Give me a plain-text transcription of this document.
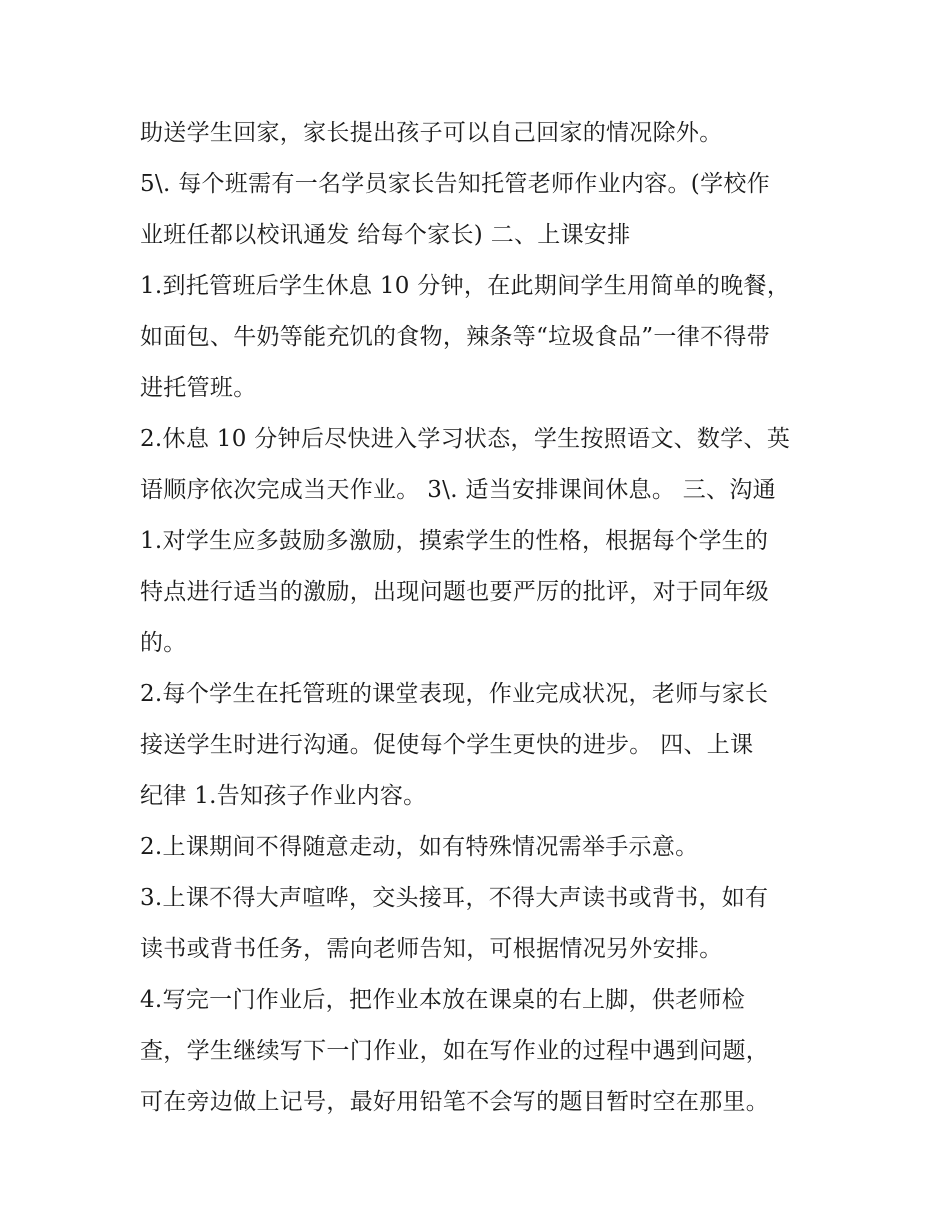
助送学生回家，家长提出孩子可以自己回家的情况除外。
5\. 每个班需有一名学员家长告知托管老师作业内容。(学校作
业班任都以校讯通发 给每个家长) 二、上课安排
1.到托管班后学生休息 10 分钟，在此期间学生用简单的晚餐，
如面包、牛奶等能充饥的食物，辣条等“垃圾食品”一律不得带
进托管班。
2.休息 10 分钟后尽快进入学习状态，学生按照语文、数学、英
语顺序依次完成当天作业。 3\. 适当安排课间休息。 三、沟通
1.对学生应多鼓励多激励，摸索学生的性格，根据每个学生的
特点进行适当的激励，出现问题也要严厉的批评，对于同年级
的。
2.每个学生在托管班的课堂表现，作业完成状况，老师与家长
接送学生时进行沟通。促使每个学生更快的进步。 四、上课
纪律 1.告知孩子作业内容。
2.上课期间不得随意走动，如有特殊情况需举手示意。
3.上课不得大声喧哗，交头接耳，不得大声读书或背书，如有
读书或背书任务，需向老师告知，可根据情况另外安排。
4.写完一门作业后，把作业本放在课桌的右上脚，供老师检
查，学生继续写下一门作业，如在写作业的过程中遇到问题，
可在旁边做上记号，最好用铅笔不会写的题目暂时空在那里。
